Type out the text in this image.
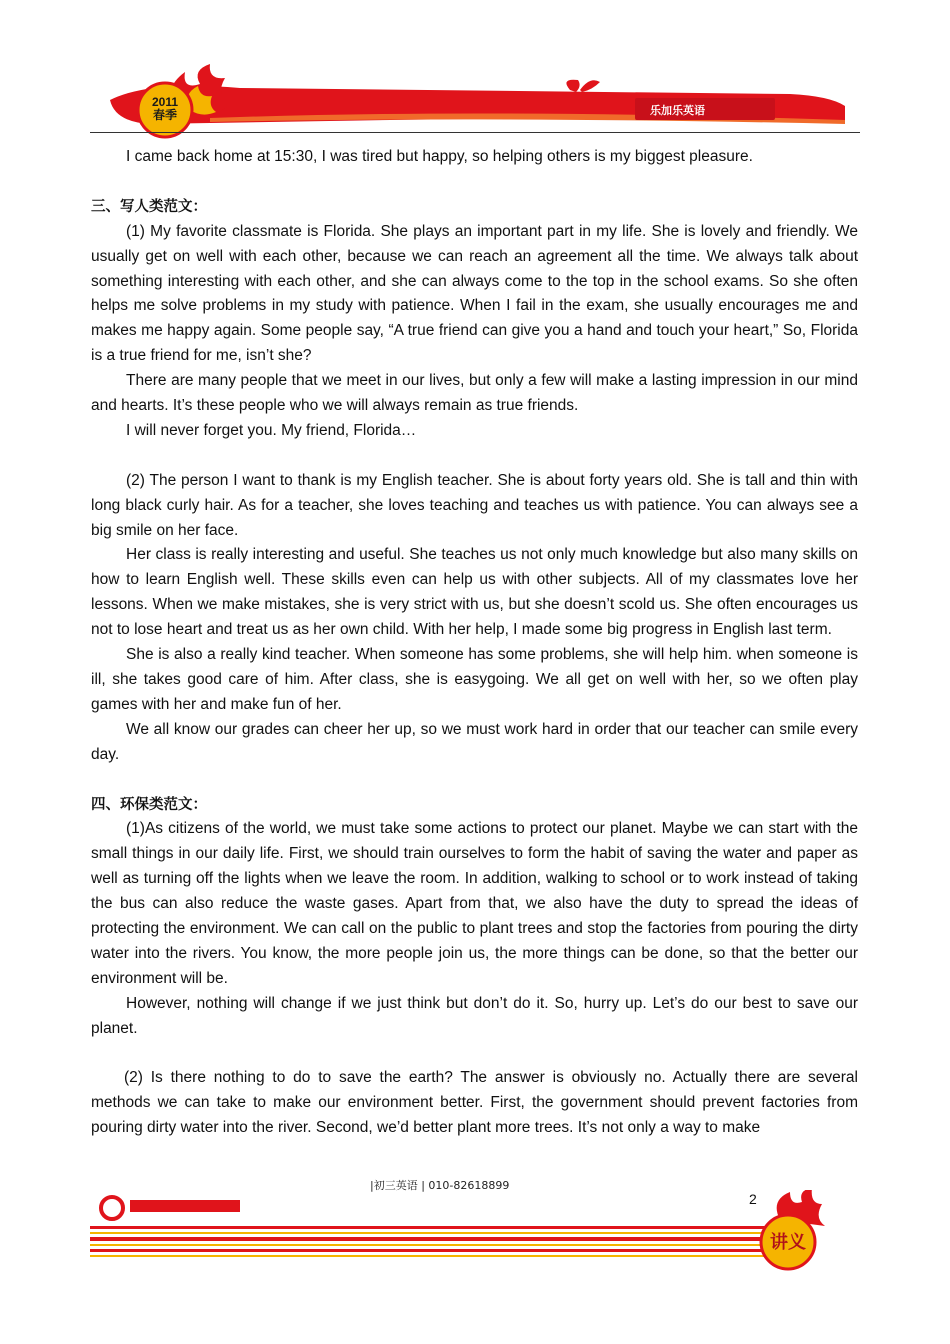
2011
春季	乐加乐英语

I came back home at 15:30, I was tired but happy, so helping others is my biggest pleasure.

三、写人类范文：

(1) My favorite classmate is Florida. She plays an important part in my life. She is lovely and friendly. We usually get on well with each other, because we can reach an agreement all the time. We always talk about something interesting with each other, and she can always come to the top in the school exams. So she often helps me solve problems in my study with patience. When I fail in the exam, she usually encourages me and makes me happy again. Some people say, “A true friend can give you a hand and touch your heart,” So, Florida is a true friend for me, isn’t she?

There are many people that we meet in our lives, but only a few will make a lasting impression in our mind and hearts. It’s these people who we will always remain as true friends.

I will never forget you. My friend, Florida…

(2) The person I want to thank is my English teacher. She is about forty years old. She is tall and thin with long black curly hair. As for a teacher, she loves teaching and teaches us with patience. You can always see a big smile on her face.

Her class is really interesting and useful. She teaches us not only much knowledge but also many skills on how to learn English well. These skills even can help us with other subjects. All of my classmates love her lessons. When we make mistakes, she is very strict with us, but she doesn’t scold us. She often encourages us not to lose heart and treat us as her own child. With her help, I made some big progress in English last term.

She is also a really kind teacher. When someone has some problems, she will help him. when someone is ill, she takes good care of him. After class, she is easygoing. We all get on well with her, so we often play games with her and make fun of her.

We all know our grades can cheer her up, so we must work hard in order that our teacher can smile every day.

四、环保类范文：

(1)As citizens of the world, we must take some actions to protect our planet. Maybe we can start with the small things in our daily life. First, we should train ourselves to form the habit of saving the water and paper as well as turning off the lights when we leave the room. In addition, walking to school or to work instead of taking the bus can also reduce the waste gases. Apart from that, we also have the duty to spread the ideas of protecting the environment. We can call on the public to plant trees and stop the factories from pouring the dirty water into the rivers. You know, the more people join us, the more things can be done, so that the better our environment will be.

However, nothing will change if we just think but don’t do it. So, hurry up. Let’s do our best to save our planet.

(2) Is there nothing to do to save the earth? The answer is obviously no. Actually there are several methods we can take to make our environment better. First, the government should prevent factories from pouring dirty water into the river. Second, we’d better plant more trees. It’s not only a way to make

|初三英语 | 010-82618899
2
讲义
